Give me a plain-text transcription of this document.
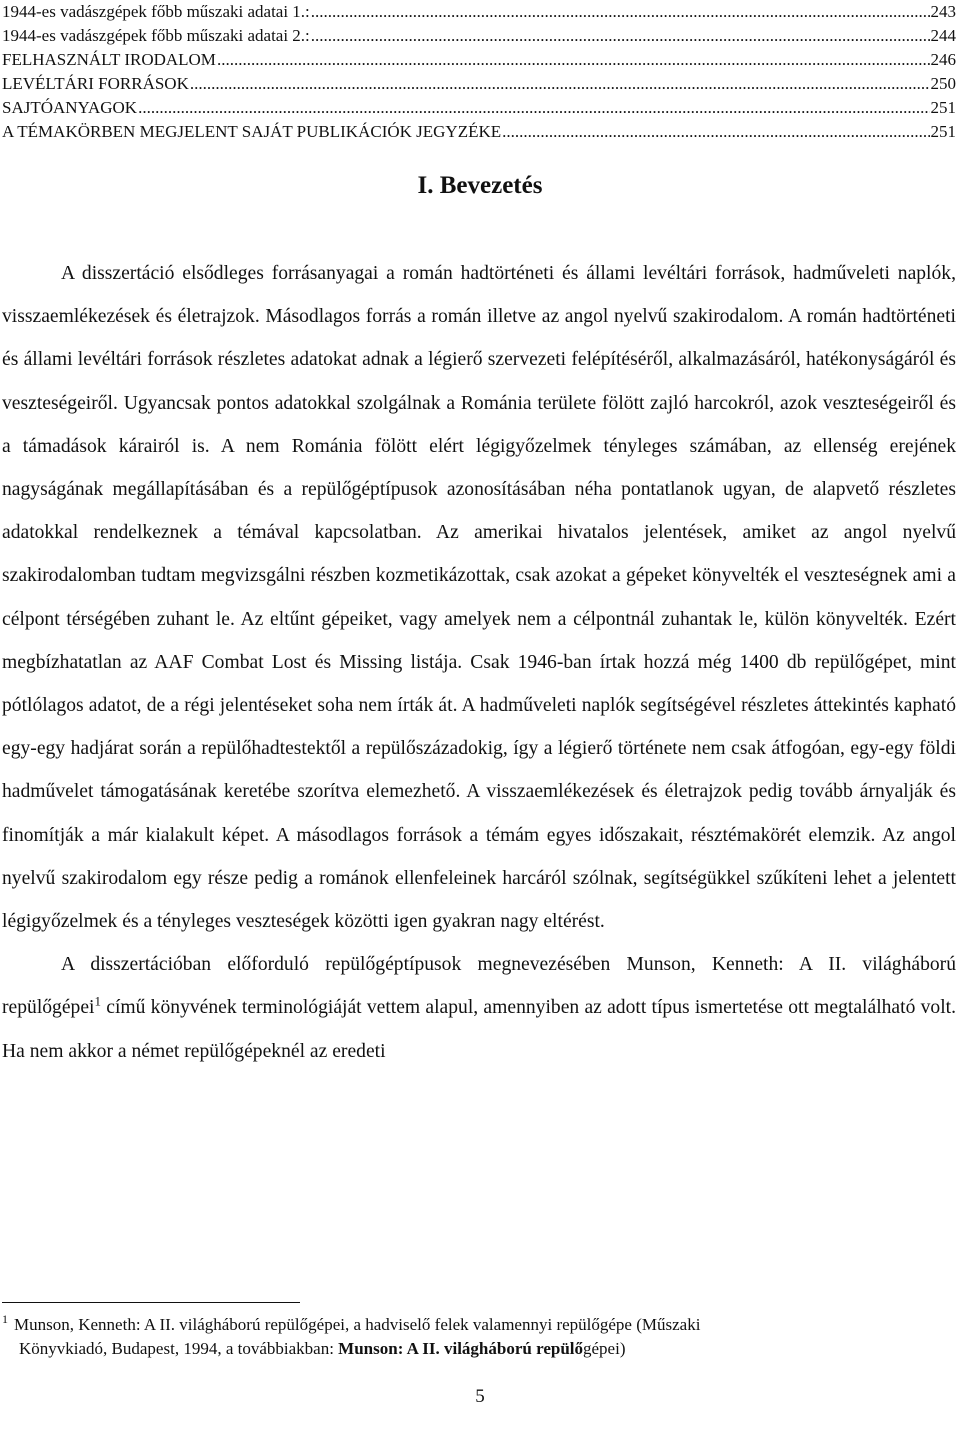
1944-es vadászgépek főbb műszaki adatai 1.: .....	243
1944-es vadászgépek főbb műszaki adatai 2.: .....	244
FELHASZNÁLT IRODALOM .....	246
LEVÉLTÁRI FORRÁSOK .....	250
SAJTÓANYAGOK .....	251
A TÉMAKÖRBEN MEGJELENT SAJÁT PUBLIKÁCIÓK JEGYZÉKE .....	251
I. Bevezetés

A disszertáció elsődleges forrásanyagai a román hadtörténeti és állami levéltári források, hadműveleti naplók, visszaemlékezések és életrajzok. Másodlagos forrás a román illetve az angol nyelvű szakirodalom. A román hadtörténeti és állami levéltári források részletes adatokat adnak a légierő szervezeti felépítéséről, alkalmazásáról, hatékonyságáról és veszteségeiről. Ugyancsak pontos adatokkal szolgálnak a Románia területe fölött zajló harcokról, azok veszteségeiről és a támadások kárairól is. A nem Románia fölött elért légigyőzelmek tényleges számában, az ellenség erejének nagyságának megállapításában és a repülőgéptípusok azonosításában néha pontatlanok ugyan, de alapvető részletes adatokkal rendelkeznek a témával kapcsolatban. Az amerikai hivatalos jelentések, amiket az angol nyelvű szakirodalomban tudtam megvizsgálni részben kozmetikázottak, csak azokat a gépeket könyvelték el veszteségnek ami a célpont térségében zuhant le. Az eltűnt gépeiket, vagy amelyek nem a célpontnál zuhantak le, külön könyvelték. Ezért megbízhatatlan az AAF Combat Lost és Missing listája. Csak 1946-ban írtak hozzá még 1400 db repülőgépet, mint pótlólagos adatot, de a régi jelentéseket soha nem írták át. A hadműveleti naplók segítségével részletes áttekintés kapható egy-egy hadjárat során a repülőhadtestektől a repülőszázadokig, így a légierő története nem csak átfogóan, egy-egy földi hadművelet támogatásának keretébe szorítva elemezhető. A visszaemlékezések és életrajzok pedig tovább árnyalják és finomítják a már kialakult képet. A másodlagos források a témám egyes időszakait, résztémakörét elemzik. Az angol nyelvű szakirodalom egy része pedig a románok ellenfeleinek harcáról szólnak, segítségükkel szűkíteni lehet a jelentett légigyőzelmek és a tényleges veszteségek közötti igen gyakran nagy eltérést.

A disszertációban előforduló repülőgéptípusok megnevezésében Munson, Kenneth: A II. világháború repülőgépei$^1$ című könyvének terminológiáját vettem alapul, amennyiben az adott típus ismertetése ott megtalálható volt. Ha nem akkor a német repülőgépeknél az eredeti

$^1$ Munson, Kenneth: A II. világháború repülőgépei, a hadviselő felek valamennyi repülőgépe (Műszaki
Könyvkiadó, Budapest, 1994, a továbbiakban: Munson: A II. világháború repülőgépei)
5
